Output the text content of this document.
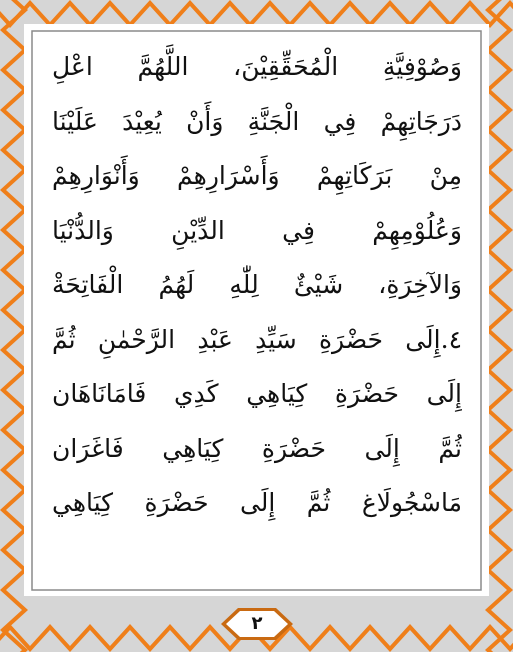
وَصُوْفِيَّةِ الْمُحَقِّقِيْنَ، اللَّهُمَّ اعْلِ
دَرَجَاتِهِمْ فِي الْجَنَّةِ وَأَنْ يُعِيْدَ عَلَيْنَا
مِنْ بَرَكَاتِهِمْ وَأَسْرَارِهِمْ وَأَنْوَارِهِمْ
وَعُلُوْمِهِمْ فِي الدِّيْنِ وَالدُّنْيَا
وَالآخِرَةِ، شَيْئٌ لِلّٰهِ لَهُمُ الْفَاتِحَةْ
٤.إِلَى حَضْرَةِ سَيِّدِ عَبْدِ الرَّحْمٰنِ ثُمَّ
إِلَى حَضْرَةِ كِيَاهِي كَدِي فَامَانَاهَان
ثُمَّ إِلَى حَضْرَةِ كِيَاهِي فَاغَرَان
مَاسْجُولَاغ ثُمَّ إِلَى حَضْرَةِ كِيَاهِي
٢
